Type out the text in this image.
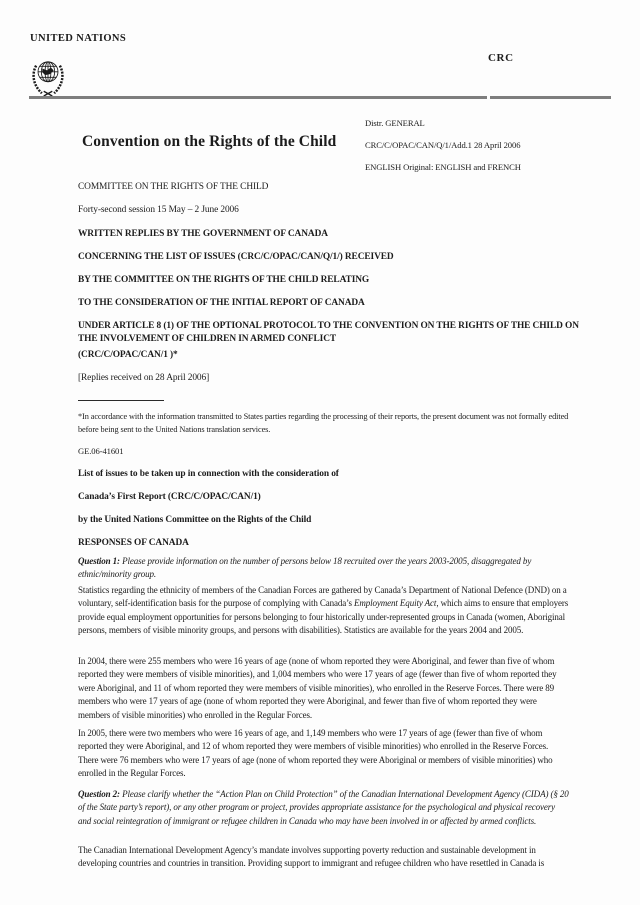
UNITED NATIONS
CRC
Convention on the Rights of the Child
Distr. GENERAL
CRC/C/OPAC/CAN/Q/1/Add.1 28 April 2006
ENGLISH Original: ENGLISH and FRENCH
COMMITTEE ON THE RIGHTS OF THE CHILD
Forty-second session 15 May – 2 June 2006
WRITTEN REPLIES BY THE GOVERNMENT OF CANADA
CONCERNING THE LIST OF ISSUES (CRC/C/OPAC/CAN/Q/1/) RECEIVED
BY THE COMMITTEE ON THE RIGHTS OF THE CHILD RELATING
TO THE CONSIDERATION OF THE INITIAL REPORT OF CANADA
UNDER ARTICLE 8 (1) OF THE OPTIONAL PROTOCOL TO THE CONVENTION ON THE RIGHTS OF THE CHILD ON THE INVOLVEMENT OF CHILDREN IN ARMED CONFLICT
(CRC/C/OPAC/CAN/1 )*
[Replies received on 28 April 2006]
*In accordance with the information transmitted to States parties regarding the processing of their reports, the present document was not formally edited before being sent to the United Nations translation services.
GE.06-41601
List of issues to be taken up in connection with the consideration of
Canada’s First Report (CRC/C/OPAC/CAN/1)
by the United Nations Committee on the Rights of the Child
RESPONSES OF CANADA
Question 1: Please provide information on the number of persons below 18 recruited over the years 2003-2005, disaggregated by ethnic/minority group.
Statistics regarding the ethnicity of members of the Canadian Forces are gathered by Canada’s Department of National Defence (DND) on a voluntary, self-identification basis for the purpose of complying with Canada’s Employment Equity Act, which aims to ensure that employers provide equal employment opportunities for persons belonging to four historically under-represented groups in Canada (women, Aboriginal persons, members of visible minority groups, and persons with disabilities). Statistics are available for the years 2004 and 2005.
In 2004, there were 255 members who were 16 years of age (none of whom reported they were Aboriginal, and fewer than five of whom reported they were members of visible minorities), and 1,004 members who were 17 years of age (fewer than five of whom reported they were Aboriginal, and 11 of whom reported they were members of visible minorities), who enrolled in the Reserve Forces. There were 89 members who were 17 years of age (none of whom reported they were Aboriginal, and fewer than five of whom reported they were members of visible minorities) who enrolled in the Regular Forces.
In 2005, there were two members who were 16 years of age, and 1,149 members who were 17 years of age (fewer than five of whom reported they were Aboriginal, and 12 of whom reported they were members of visible minorities) who enrolled in the Reserve Forces. There were 76 members who were 17 years of age (none of whom reported they were Aboriginal or members of visible minorities) who enrolled in the Regular Forces.
Question 2: Please clarify whether the “Action Plan on Child Protection” of the Canadian International Development Agency (CIDA) (§ 20 of the State party’s report), or any other program or project, provides appropriate assistance for the psychological and physical recovery and social reintegration of immigrant or refugee children in Canada who may have been involved in or affected by armed conflicts.
The Canadian International Development Agency’s mandate involves supporting poverty reduction and sustainable development in developing countries and countries in transition. Providing support to immigrant and refugee children who have resettled in Canada is
